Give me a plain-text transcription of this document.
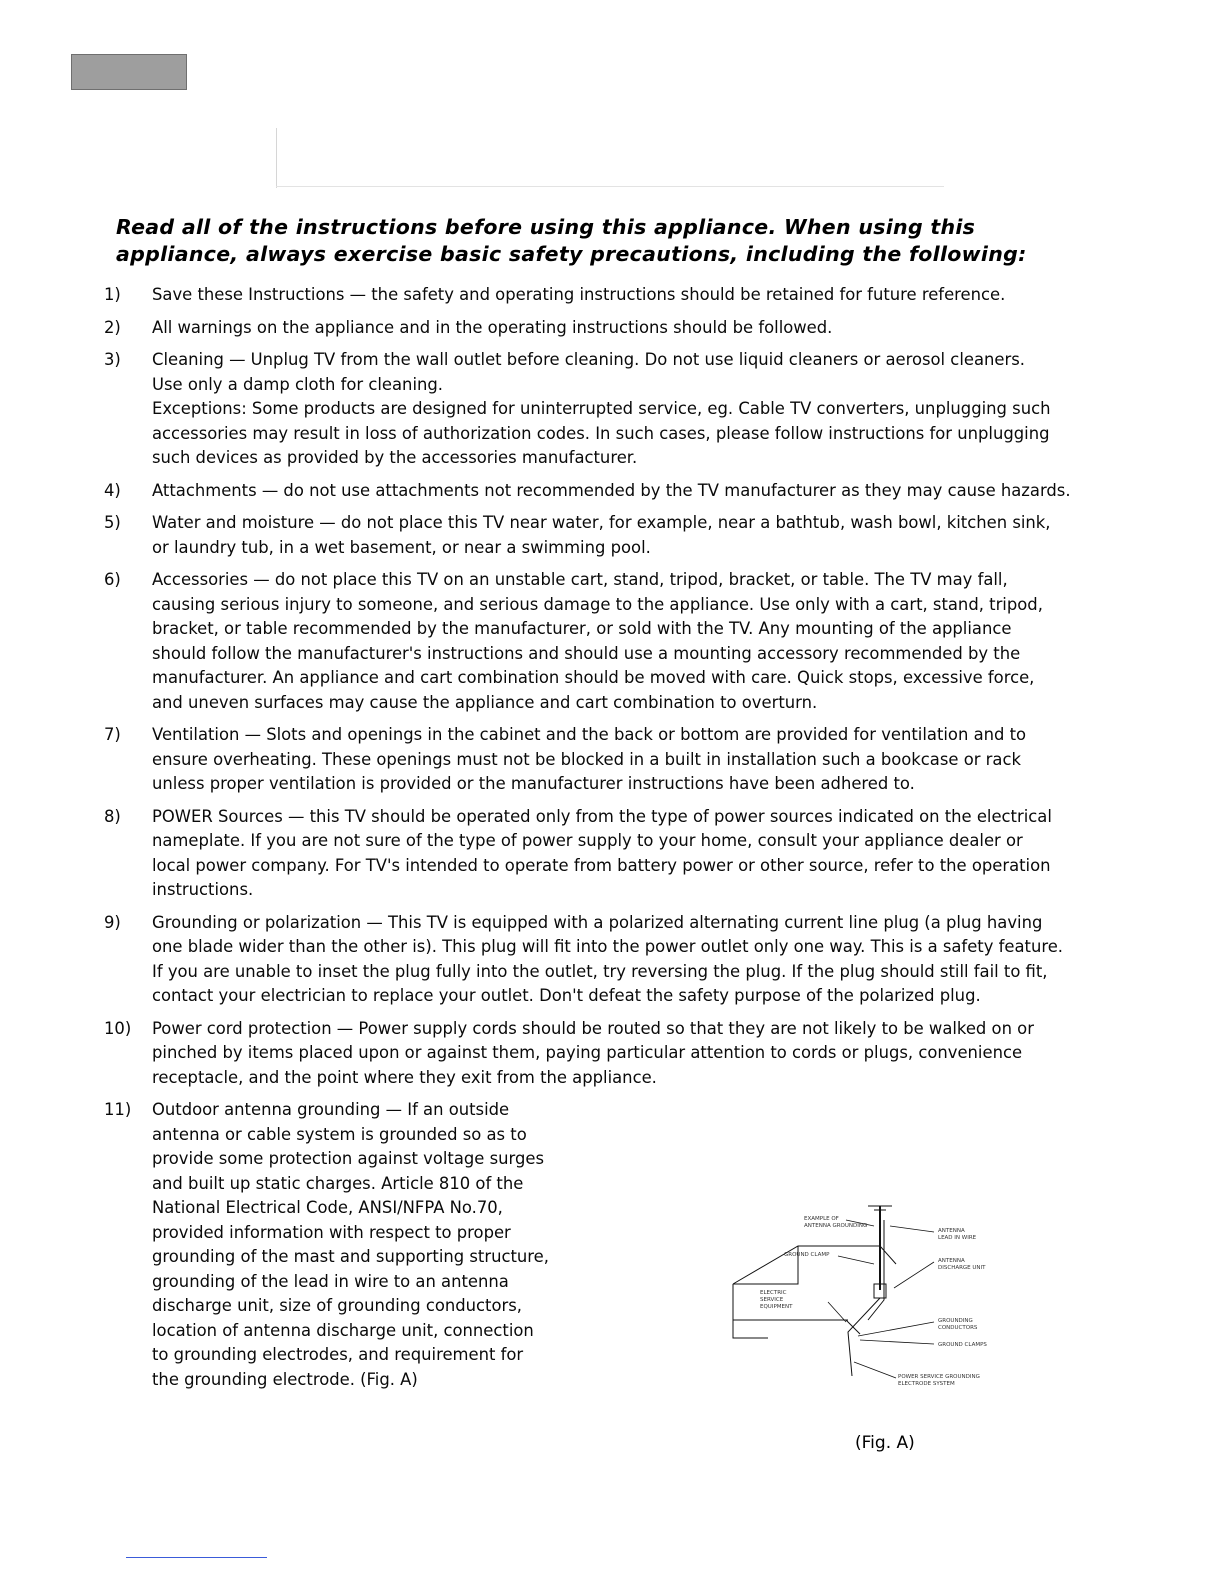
Read all of the instructions before using this appliance. When using this
appliance, always exercise basic safety precautions, including the following:

1) Save these Instructions — the safety and operating instructions should be retained for future reference.
2) All warnings on the appliance and in the operating instructions should be followed.
3) Cleaning — Unplug TV from the wall outlet before cleaning. Do not use liquid cleaners or aerosol cleaners.
Use only a damp cloth for cleaning.
Exceptions: Some products are designed for uninterrupted service, eg. Cable TV converters, unplugging such
accessories may result in loss of authorization codes. In such cases, please follow instructions for unplugging
such devices as provided by the accessories manufacturer.
4) Attachments — do not use attachments not recommended by the TV manufacturer as they may cause hazards.
5) Water and moisture — do not place this TV near water, for example, near a bathtub, wash bowl, kitchen sink,
or laundry tub, in a wet basement, or near a swimming pool.
6) Accessories — do not place this TV on an unstable cart, stand, tripod, bracket, or table. The TV may fall,
causing serious injury to someone, and serious damage to the appliance. Use only with a cart, stand, tripod,
bracket, or table recommended by the manufacturer, or sold with the TV. Any mounting of the appliance
should follow the manufacturer's instructions and should use a mounting accessory recommended by the
manufacturer. An appliance and cart combination should be moved with care. Quick stops, excessive force,
and uneven surfaces may cause the appliance and cart combination to overturn.
7) Ventilation — Slots and openings in the cabinet and the back or bottom are provided for ventilation and to
ensure overheating. These openings must not be blocked in a built in installation such a bookcase or rack
unless proper ventilation is provided or the manufacturer instructions have been adhered to.
8) POWER Sources — this TV should be operated only from the type of power sources indicated on the electrical
nameplate. If you are not sure of the type of power supply to your home, consult your appliance dealer or
local power company. For TV's intended to operate from battery power or other source, refer to the operation
instructions.
9) Grounding or polarization — This TV is equipped with a polarized alternating current line plug (a plug having
one blade wider than the other is). This plug will fit into the power outlet only one way. This is a safety feature.
If you are unable to inset the plug fully into the outlet, try reversing the plug. If the plug should still fail to fit,
contact your electrician to replace your outlet. Don't defeat the safety purpose of the polarized plug.
10) Power cord protection — Power supply cords should be routed so that they are not likely to be walked on or
pinched by items placed upon or against them, paying particular attention to cords or plugs, convenience
receptacle, and the point where they exit from the appliance.
11) Outdoor antenna grounding — If an outside
antenna or cable system is grounded so as to
provide some protection against voltage surges
and built up static charges. Article 810 of the
National Electrical Code, ANSI/NFPA No.70,
provided information with respect to proper
grounding of the mast and supporting structure,
grounding of the lead in wire to an antenna
discharge unit, size of grounding conductors,
location of antenna discharge unit, connection
to grounding electrodes, and requirement for
the grounding electrode. (Fig. A)
EXAMPLE OF
ANTENNA GROUNDING
ANTENNA
LEAD IN WIRE
GROUND CLAMP
ANTENNA
DISCHARGE UNIT
ELECTRIC
SERVICE
EQUIPMENT
GROUNDING
CONDUCTORS
GROUND CLAMPS
POWER SERVICE GROUNDING
ELECTRODE SYSTEM
(Fig. A)
